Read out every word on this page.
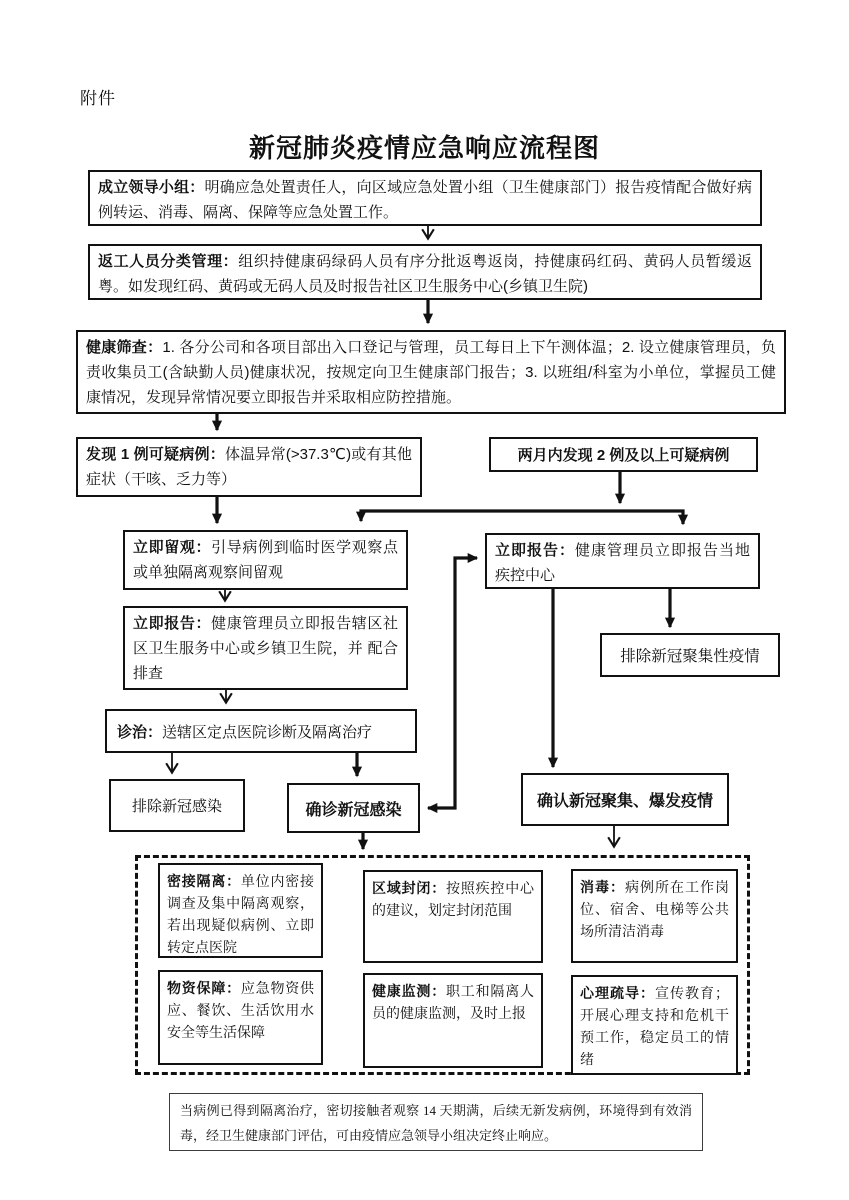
附件
新冠肺炎疫情应急响应流程图
成立领导小组：明确应急处置责任人，向区域应急处置小组（卫生健康部门）报告疫情配合做好病例转运、消毒、隔离、保障等应急处置工作。
返工人员分类管理：组织持健康码绿码人员有序分批返粤返岗，持健康码红码、黄码人员暂缓返粤。如发现红码、黄码或无码人员及时报告社区卫生服务中心(乡镇卫生院)
健康筛查：1. 各分公司和各项目部出入口登记与管理，员工每日上下午测体温；2. 设立健康管理员，负责收集员工(含缺勤人员)健康状况，按规定向卫生健康部门报告；3. 以班组/科室为小单位，掌握员工健康情况，发现异常情况要立即报告并采取相应防控措施。
发现 1 例可疑病例：体温异常(>37.3℃)或有其他症状（干咳、乏力等）
两月内发现 2 例及以上可疑病例
立即留观：引导病例到临时医学观察点或单独隔离观察间留观
立即报告：健康管理员立即报告当地疾控中心
立即报告：健康管理员立即报告辖区社区卫生服务中心或乡镇卫生院，并 配合排查
排除新冠聚集性疫情
诊治：送辖区定点医院诊断及隔离治疗
排除新冠感染	确诊新冠感染	确认新冠聚集、爆发疫情
密接隔离：单位内密接调查及集中隔离观察，若出现疑似病例、立即转定点医院
区域封闭：按照疾控中心的建议，划定封闭范围
消毒：病例所在工作岗位、宿舍、电梯等公共场所清洁消毒
物资保障：应急物资供应、餐饮、生活饮用水安全等生活保障
健康监测：职工和隔离人员的健康监测，及时上报
心理疏导：宣传教育；开展心理支持和危机干预工作，稳定员工的情绪
当病例已得到隔离治疗，密切接触者观察 14 天期满，后续无新发病例，环境得到有效消毒，经卫生健康部门评估，可由疫情应急领导小组决定终止响应。
